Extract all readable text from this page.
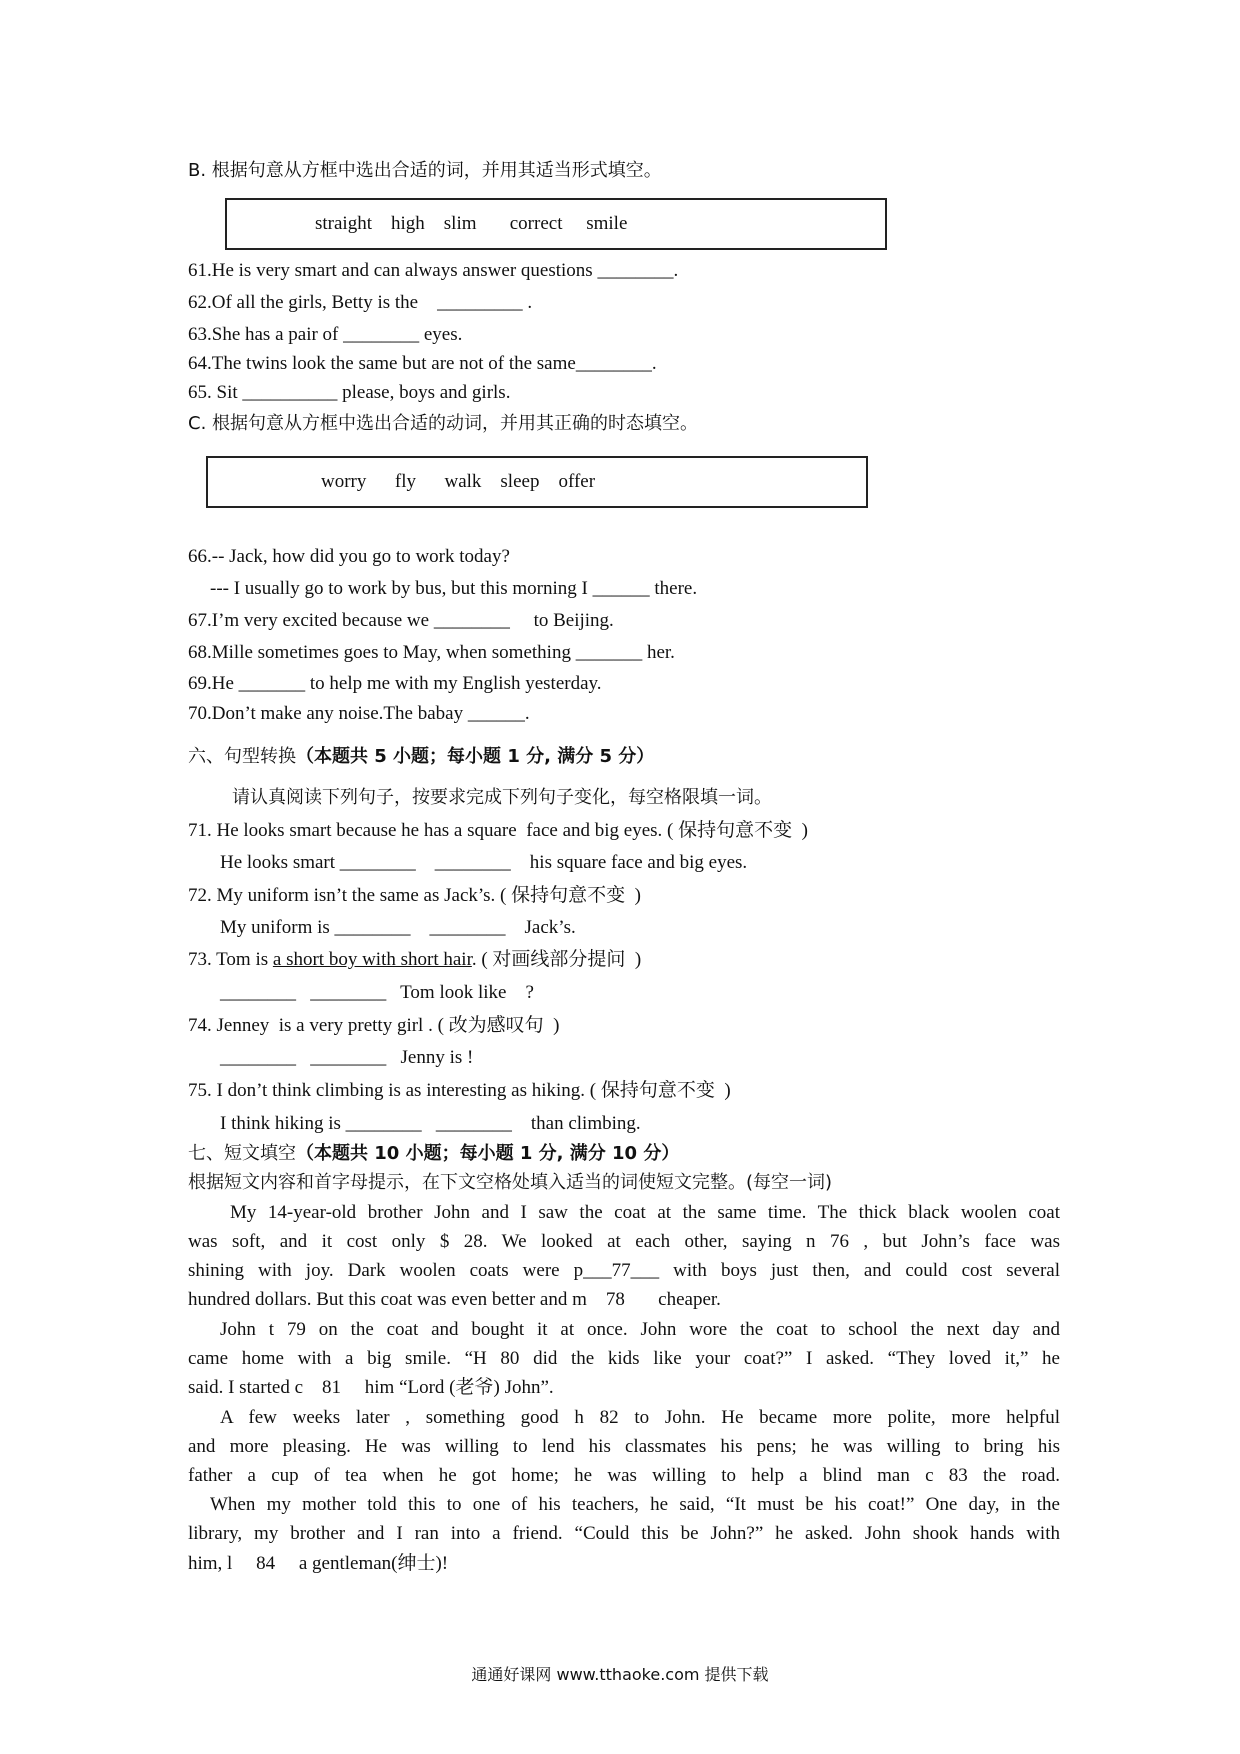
B. 根据句意从方框中选出合适的词，并用其适当形式填空。

straight    high    slim       correct     smile

61.He is very smart and can always answer questions ________.
62.Of all the girls, Betty is the    _________ .
63.She has a pair of ________ eyes.
64.The twins look the same but are not of the same________.
65. Sit __________ please, boys and girls.
C. 根据句意从方框中选出合适的动词，并用其正确的时态填空。

worry      fly      walk    sleep    offer

66.-- Jack, how did you go to work today?
--- I usually go to work by bus, but this morning I ______ there.
67.I’m very excited because we ________     to Beijing.
68.Mille sometimes goes to May, when something _______ her.
69.He _______ to help me with my English yesterday.
70.Don’t make any noise.The babay ______.
六、句型转换（本题共 5 小题；每小题 1 分, 满分 5 分）
请认真阅读下列句子，按要求完成下列句子变化，每空格限填一词。
71. He looks smart because he has a square  face and big eyes. ( 保持句意不变  )
He looks smart ________    ________    his square face and big eyes.
72. My uniform isn’t the same as Jack’s. ( 保持句意不变  )
My uniform is ________    ________    Jack’s.
73. Tom is a short boy with short hair. ( 对画线部分提问  )
________   ________   Tom look like    ?
74. Jenney  is a very pretty girl . ( 改为感叹句  )
________   ________   Jenny is !
75. I don’t think climbing is as interesting as hiking. ( 保持句意不变  )
I think hiking is ________   ________    than climbing.
七、短文填空（本题共 10 小题；每小题 1 分, 满分 10 分）
根据短文内容和首字母提示，在下文空格处填入适当的词使短文完整。(每空一词)
My 14-year-old brother John and I saw the coat at the same time. The thick black woolen coat
was soft, and it cost only $ 28. We looked at each other, saying n 76 , but John’s face was
shining with joy. Dark woolen coats were p___77___ with boys just then, and could cost several
hundred dollars. But this coat was even better and m    78       cheaper.
John t 79 on the coat and bought it at once. John wore the coat to school the next day and
came home with a big smile. “H 80 did the kids like your coat?” I asked. “They loved it,” he
said. I started c    81     him “Lord (老爷) John”.
A few weeks later , something good h 82 to John. He became more polite, more helpful
and more pleasing. He was willing to lend his classmates his pens; he was willing to bring his
father a cup of tea when he got home; he was willing to help a blind man c 83 the road.
When my mother told this to one of his teachers, he said, “It must be his coat!” One day, in the
library, my brother and I ran into a friend. “Could this be John?” he asked. John shook hands with
him, l     84     a gentleman(绅士)!
通通好课网 www.tthaoke.com 提供下载
